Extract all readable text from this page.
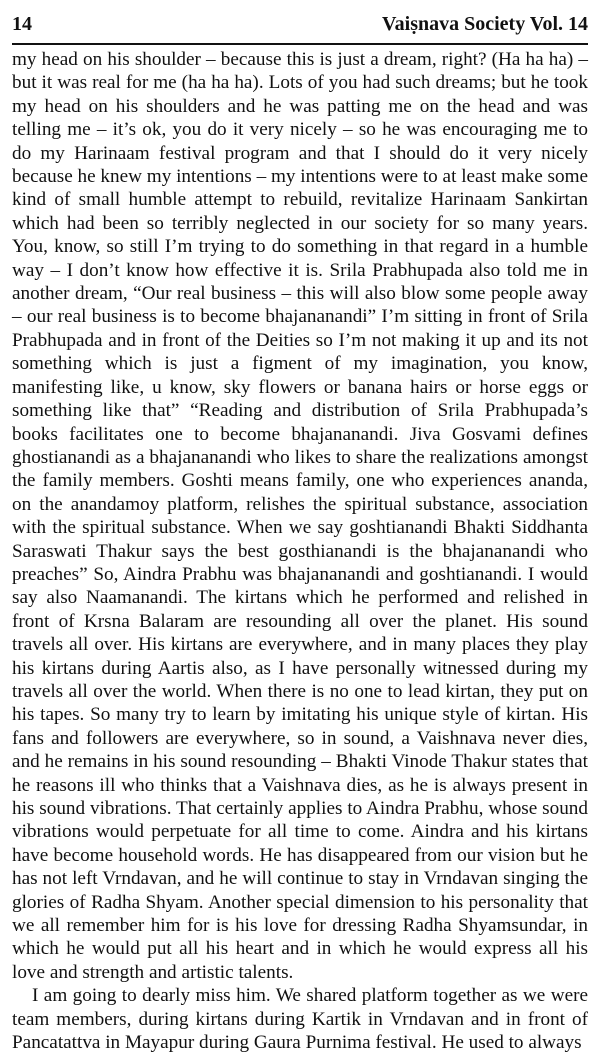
14	Vaiṣnava Society Vol. 14

my head on his shoulder – because this is just a dream, right? (Ha ha ha) – but it was real for me (ha ha ha). Lots of you had such dreams; but he took my head on his shoulders and he was patting me on the head and was telling me – it’s ok, you do it very nicely – so he was encouraging me to do my Harinaam festival program and that I should do it very nicely because he knew my intentions – my intentions were to at least make some kind of small humble attempt to rebuild, revitalize Harinaam Sankirtan which had been so terribly neglected in our society for so many years. You, know, so still I’m trying to do something in that regard in a humble way – I don’t know how effective it is. Srila Prabhupada also told me in another dream, “Our real business – this will also blow some people away – our real business is to become bhajananandi” I’m sitting in front of Srila Prabhupada and in front of the Deities so I’m not making it up and its not something which is just a figment of my imagination, you know, manifesting like, u know, sky flowers or banana hairs or horse eggs or something like that” “Reading and distribution of Srila Prabhupada’s books facilitates one to become bhajananandi. Jiva Gosvami defines ghostianandi as a bhajananandi who likes to share the realizations amongst the family members. Goshti means family, one who experiences ananda, on the anandamoy platform, relishes the spiritual substance, association with the spiritual substance. When we say goshtianandi Bhakti Siddhanta Saraswati Thakur says the best gosthianandi is the bhajananandi who preaches” So, Aindra Prabhu was bhajananandi and goshtianandi. I would say also Naamanandi. The kirtans which he performed and relished in front of Krsna Balaram are resounding all over the planet. His sound travels all over. His kirtans are everywhere, and in many places they play his kirtans during Aartis also, as I have personally witnessed during my travels all over the world. When there is no one to lead kirtan, they put on his tapes. So many try to learn by imitating his unique style of kirtan. His fans and followers are everywhere, so in sound, a Vaishnava never dies, and he remains in his sound resounding – Bhakti Vinode Thakur states that he reasons ill who thinks that a Vaishnava dies, as he is always present in his sound vibrations. That certainly applies to Aindra Prabhu, whose sound vibrations would perpetuate for all time to come. Aindra and his kirtans have become household words. He has disappeared from our vision but he has not left Vrndavan, and he will continue to stay in Vrndavan singing the glories of Radha Shyam. Another special dimension to his personality that we all remember him for is his love for dressing Radha Shyamsundar, in which he would put all his heart and in which he would express all his love and strength and artistic talents.

I am going to dearly miss him. We shared platform together as we were team members, during kirtans during Kartik in Vrndavan and in front of Pancatattva in Mayapur during Gaura Purnima festival. He used to always
